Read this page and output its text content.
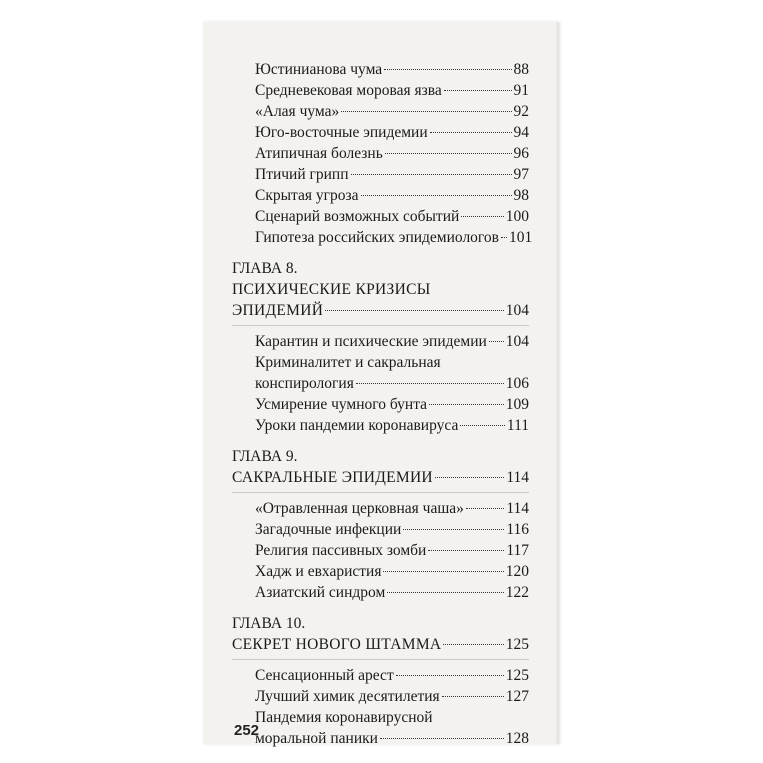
Юстинианова чума	88
Средневековая моровая язва	91
«Алая чума»	92
Юго-восточные эпидемии	94
Атипичная болезнь	96
Птичий грипп	97
Скрытая угроза	98
Сценарий возможных событий	100
Гипотеза российских эпидемиологов 101
ГЛАВА 8.
ПСИХИЧЕСКИЕ КРИЗИСЫ
ЭПИДЕМИЙ	104
Карантин и психические эпидемии 104
Криминалитет и сакральная
конспирология	106
Усмирение чумного бунта	109
Уроки пандемии коронавируса	111
ГЛАВА 9.
САКРАЛЬНЫЕ ЭПИДЕМИИ	114
«Отравленная церковная чаша»	114
Загадочные инфекции	116
Религия пассивных зомби	117
Хадж и евхаристия	120
Азиатский синдром	122
ГЛАВА 10.
СЕКРЕТ НОВОГО ШТАММА	125
Сенсационный арест	125
Лучший химик десятилетия	127
Пандемия коронавирусной
моральной паники	128
252
